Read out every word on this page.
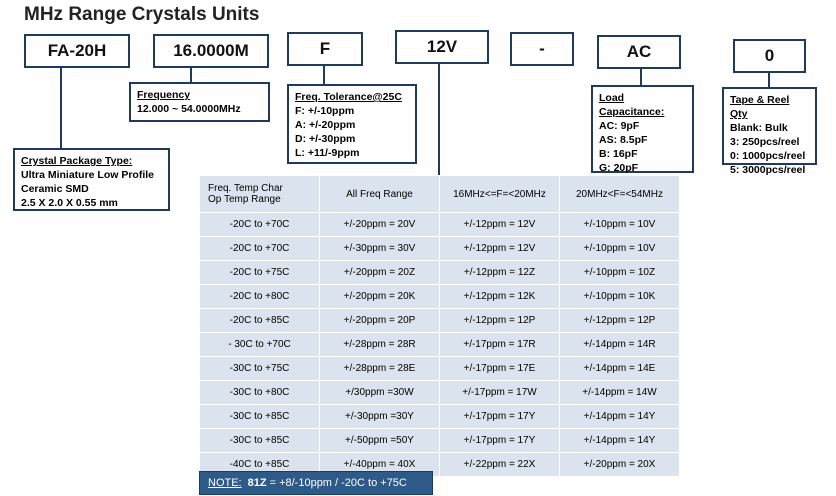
MHz Range Crystals Units
FA-20H	16.0000M	F	12V	-	AC	0
Frequency
12.000 ~ 54.0000MHz
Freq. Tolerance@25C
F: +/-10ppm
A: +/-20ppm
D: +/-30ppm
L: +11/-9ppm
Crystal Package Type:
Ultra Miniature Low Profile
Ceramic SMD
2.5 X 2.0 X 0.55 mm
Load Capacitance:
AC: 9pF
AS: 8.5pF
B: 16pF
G: 20pF
Tape & Reel Qty
Blank: Bulk
3: 250pcs/reel
0: 1000pcs/reel
5: 3000pcs/reel
Freq. Temp Char
Op Temp Range	All Freq Range	16MHz<=F=<20MHz	20MHz<F=<54MHz
-20C to +70C	+/-20ppm = 20V	+/-12ppm = 12V	+/-10ppm = 10V
-20C to +70C	+/-30ppm = 30V	+/-12ppm = 12V	+/-10ppm = 10V
-20C to +75C	+/-20ppm = 20Z	+/-12ppm = 12Z	+/-10ppm = 10Z
-20C to +80C	+/-20ppm = 20K	+/-12ppm = 12K	+/-10ppm = 10K
-20C to +85C	+/-20ppm = 20P	+/-12ppm = 12P	+/-12ppm = 12P
- 30C to +70C	+/-28ppm = 28R	+/-17ppm = 17R	+/-14ppm = 14R
-30C to +75C	+/-28ppm = 28E	+/-17ppm = 17E	+/-14ppm = 14E
-30C to +80C	+/30ppm =30W	+/-17ppm = 17W	+/-14ppm = 14W
-30C to +85C	+/-30ppm =30Y	+/-17ppm = 17Y	+/-14ppm = 14Y
-30C to +85C	+/-50ppm =50Y	+/-17ppm = 17Y	+/-14ppm = 14Y
-40C to +85C	+/-40ppm = 40X	+/-22ppm = 22X	+/-20ppm = 20X
NOTE: 81Z = +8/-10ppm / -20C to +75C
